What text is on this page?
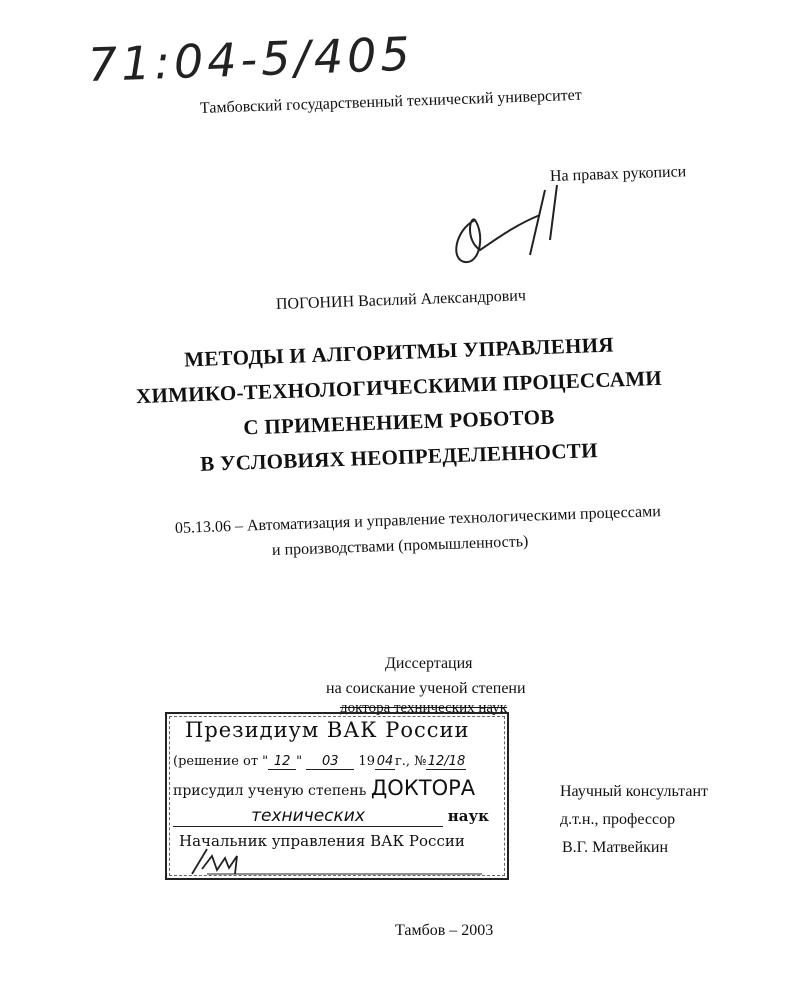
71:04-5/405
Тамбовский государственный технический университет
На правах рукописи
ПОГОНИН Василий Александрович
МЕТОДЫ И АЛГОРИТМЫ УПРАВЛЕНИЯ
ХИМИКО-ТЕХНОЛОГИЧЕСКИМИ ПРОЦЕССАМИ
С ПРИМЕНЕНИЕМ РОБОТОВ
В УСЛОВИЯХ НЕОПРЕДЕЛЕННОСТИ
05.13.06 – Автоматизация и управление технологическими процессами
и производствами (промышленность)
Диссертация
на соискание ученой степени
доктора технических наук
Президиум ВАК России
(решение от " 12 " 03 19 04 г., №12/18
присудил ученую степень ДОКТОРА
технических	наук
Начальник управления ВАК России
Научный консультант
д.т.н., профессор
В.Г. Матвейкин
Тамбов – 2003
